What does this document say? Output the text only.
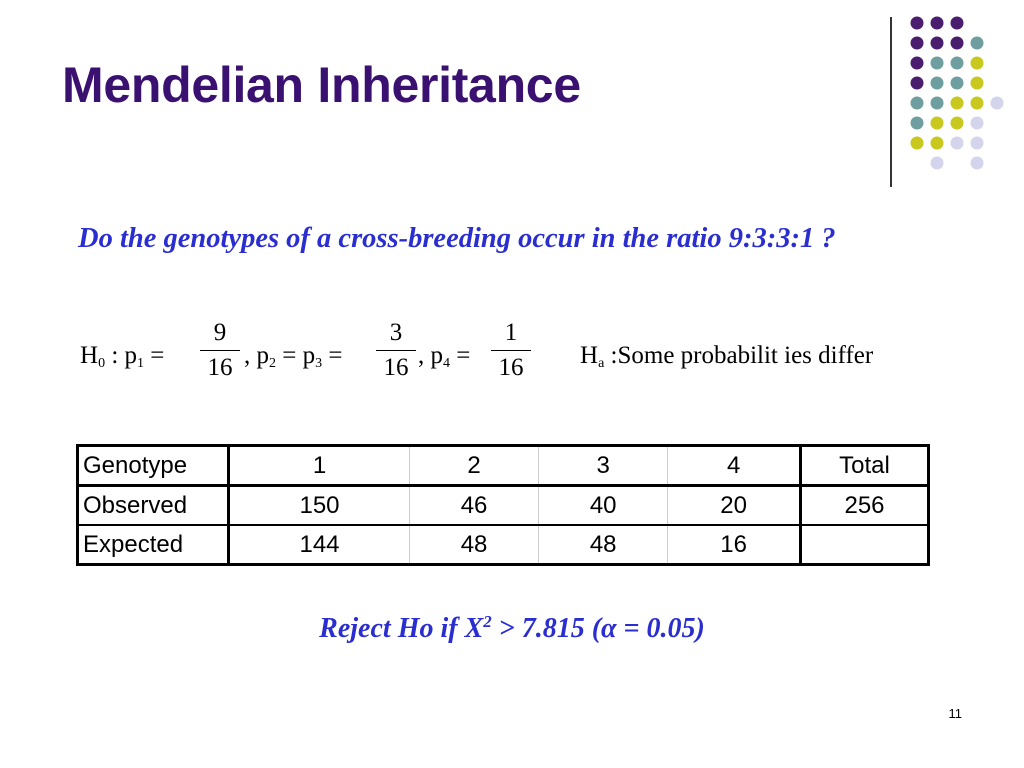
Mendelian Inheritance

Do the genotypes of a cross-breeding occur in the ratio 9:3:3:1 ?

$H_0$ : $p_1$ =
9
16 , $p_2 = p_3$ =
3
16 , $p_4$ =
1
16	$H_a$ :Some probabilit ies differ
Genotype	1	2	3	4	Total
Observed	150	46	40	20	256
Expected	144	48	48	16	

Reject Ho if $X^2 > 7.815$ (α = 0.05)

11
